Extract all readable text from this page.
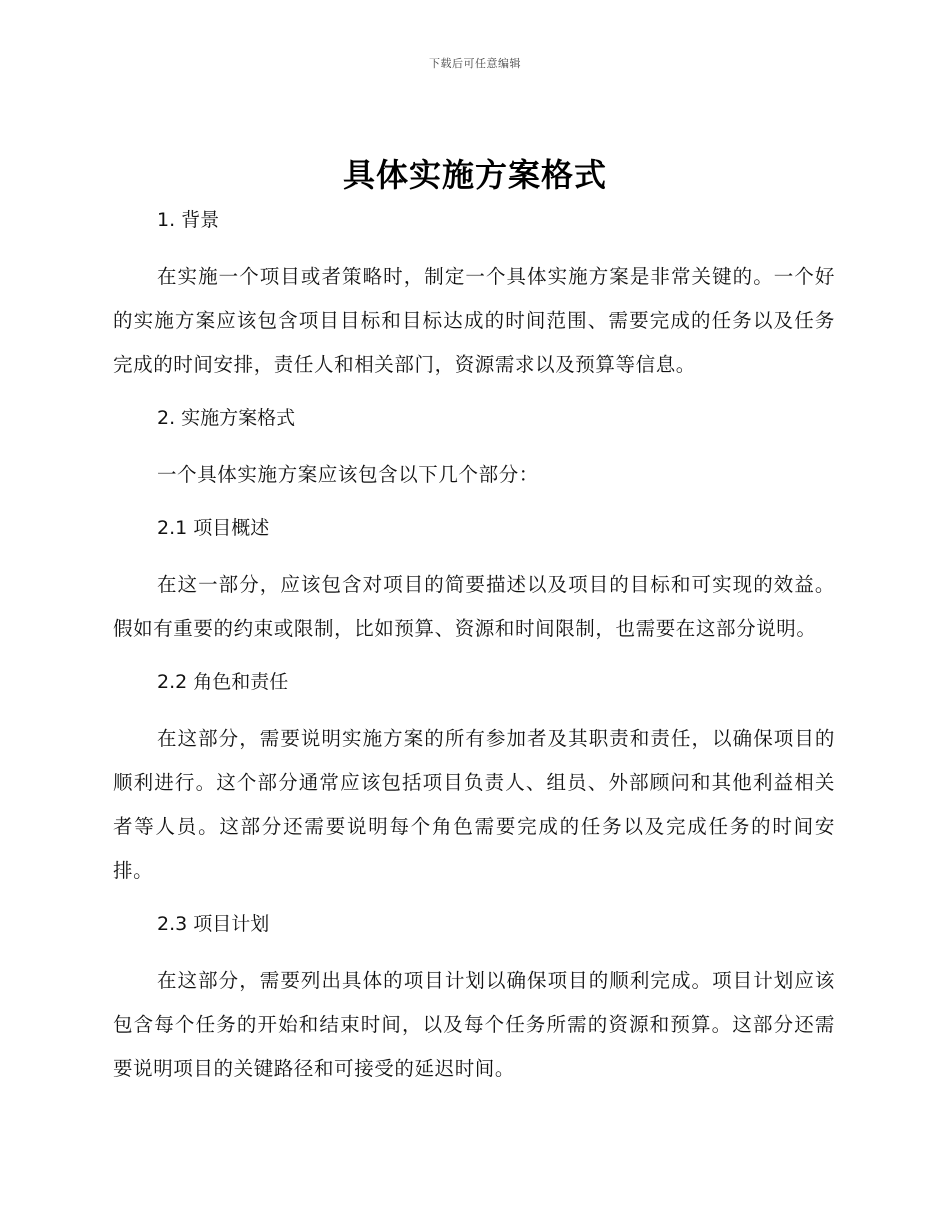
下载后可任意编辑
具体实施方案格式
1. 背景

在实施一个项目或者策略时，制定一个具体实施方案是非常关键的。一个好的实施方案应该包含项目目标和目标达成的时间范围、需要完成的任务以及任务完成的时间安排，责任人和相关部门，资源需求以及预算等信息。

2. 实施方案格式

一个具体实施方案应该包含以下几个部分：

2.1 项目概述

在这一部分，应该包含对项目的简要描述以及项目的目标和可实现的效益。假如有重要的约束或限制，比如预算、资源和时间限制，也需要在这部分说明。

2.2 角色和责任

在这部分，需要说明实施方案的所有参加者及其职责和责任，以确保项目的顺利进行。这个部分通常应该包括项目负责人、组员、外部顾问和其他利益相关者等人员。这部分还需要说明每个角色需要完成的任务以及完成任务的时间安排。

2.3 项目计划

在这部分，需要列出具体的项目计划以确保项目的顺利完成。项目计划应该包含每个任务的开始和结束时间，以及每个任务所需的资源和预算。这部分还需要说明项目的关键路径和可接受的延迟时间。
